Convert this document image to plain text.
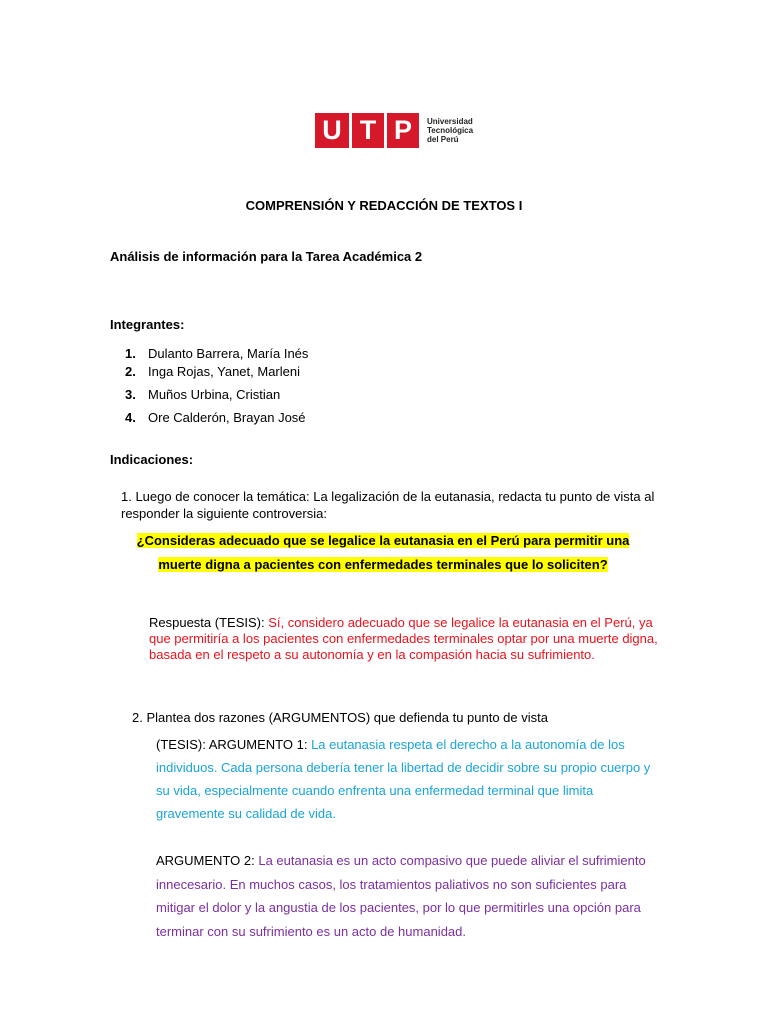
U T P	Universidad
Tecnológica
del Perú
COMPRENSIÓN Y REDACCIÓN DE TEXTOS I
Análisis de información para la Tarea Académica 2
Integrantes:
1. Dulanto Barrera, María Inés
2. Inga Rojas, Yanet, Marleni
3. Muños Urbina, Cristian
4. Ore Calderón, Brayan José
Indicaciones:
1. Luego de conocer la temática: La legalización de la eutanasia, redacta tu punto de vista al responder la siguiente controversia:
¿Consideras adecuado que se legalice la eutanasia en el Perú para permitir una
muerte digna a pacientes con enfermedades terminales que lo soliciten?
Respuesta (TESIS): Sí, considero adecuado que se legalice la eutanasia en el Perú, ya que permitiría a los pacientes con enfermedades terminales optar por una muerte digna, basada en el respeto a su autonomía y en la compasión hacia su sufrimiento.
2. Plantea dos razones (ARGUMENTOS) que defienda tu punto de vista
(TESIS): ARGUMENTO 1: La eutanasia respeta el derecho a la autonomía de los individuos. Cada persona debería tener la libertad de decidir sobre su propio cuerpo y su vida, especialmente cuando enfrenta una enfermedad terminal que limita gravemente su calidad de vida.
ARGUMENTO 2: La eutanasia es un acto compasivo que puede aliviar el sufrimiento innecesario. En muchos casos, los tratamientos paliativos no son suficientes para mitigar el dolor y la angustia de los pacientes, por lo que permitirles una opción para terminar con su sufrimiento es un acto de humanidad.
